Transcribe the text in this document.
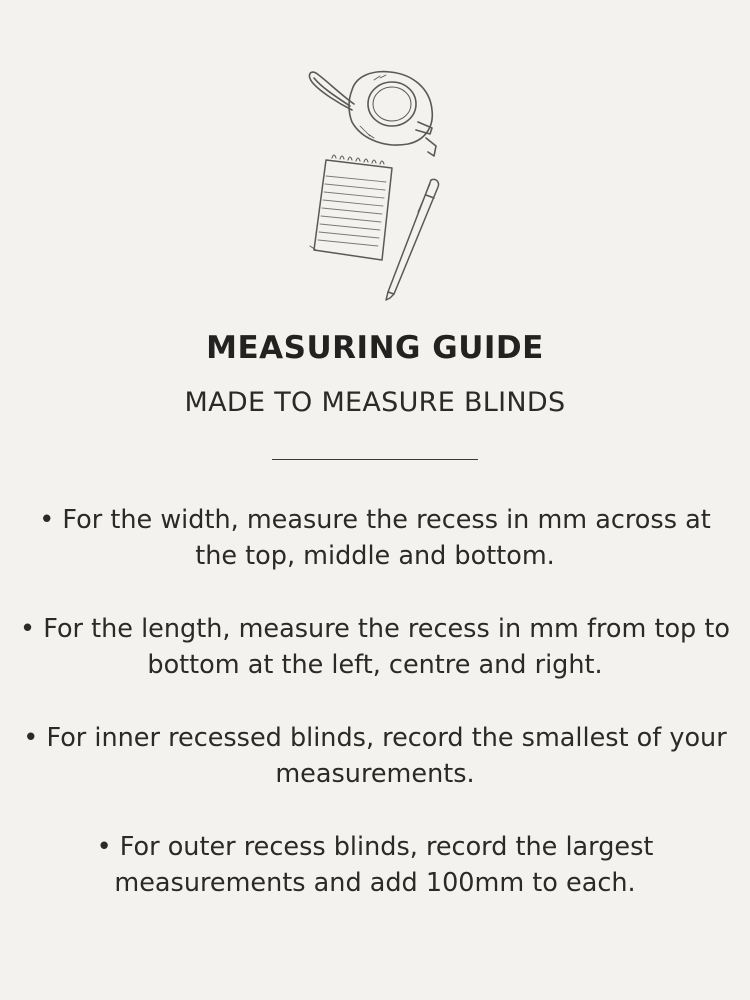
MEASURING GUIDE
MADE TO MEASURE BLINDS
• For the width, measure the recess in mm across at the top, middle and bottom.
• For the length, measure the recess in mm from top to bottom at the left, centre and right.
• For inner recessed blinds, record the smallest of your measurements.
• For outer recess blinds, record the largest measurements and add 100mm to each.
